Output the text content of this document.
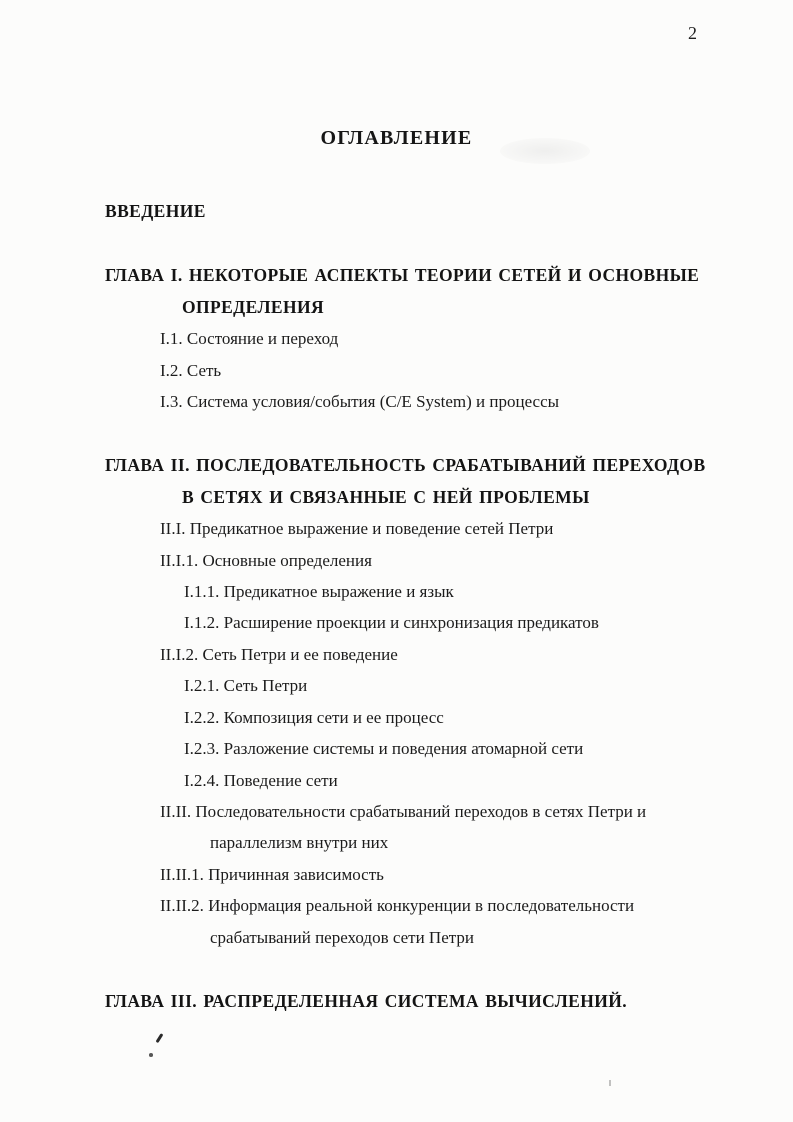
2
ОГЛАВЛЕНИЕ
ВВЕДЕНИЕ
ГЛАВА I. НЕКОТОРЫЕ АСПЕКТЫ ТЕОРИИ СЕТЕЙ И ОСНОВНЫЕ
ОПРЕДЕЛЕНИЯ
I.1. Состояние и переход
I.2. Сеть
I.3. Система условия/события (C/E System) и процессы
ГЛАВА II. ПОСЛЕДОВАТЕЛЬНОСТЬ СРАБАТЫВАНИЙ ПЕРЕХОДОВ
В СЕТЯХ И СВЯЗАННЫЕ С НЕЙ ПРОБЛЕМЫ
II.I. Предикатное выражение и поведение сетей Петри
II.I.1. Основные определения
I.1.1. Предикатное выражение и язык
I.1.2. Расширение проекции и синхронизация предикатов
II.I.2. Сеть Петри и ее поведение
I.2.1. Сеть Петри
I.2.2. Композиция сети и ее процесс
I.2.3. Разложение системы и поведения атомарной сети
I.2.4. Поведение сети
II.II. Последовательности срабатываний переходов в сетях Петри и
параллелизм внутри них
II.II.1. Причинная зависимость
II.II.2. Информация реальной конкуренции в последовательности
срабатываний переходов сети Петри
ГЛАВА III. РАСПРЕДЕЛЕННАЯ СИСТЕМА ВЫЧИСЛЕНИЙ.
